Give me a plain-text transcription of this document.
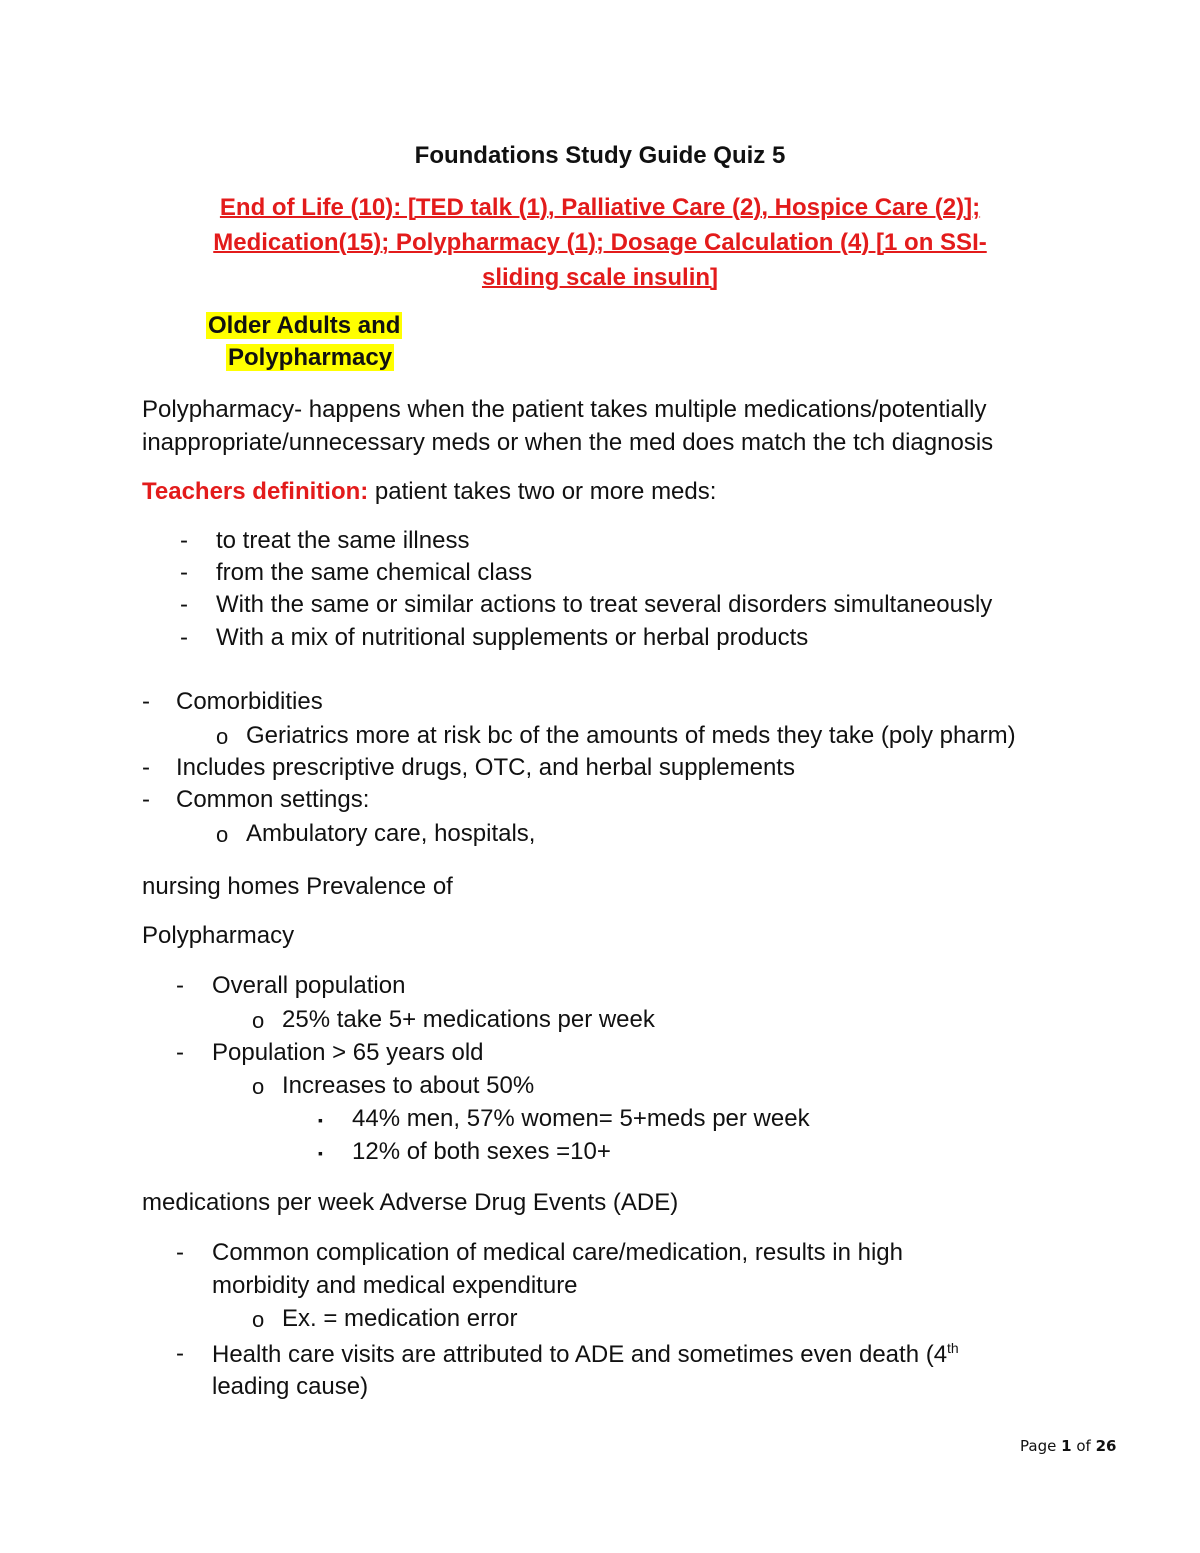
Foundations Study Guide Quiz 5
End of Life (10): [TED talk (1), Palliative Care (2), Hospice Care (2)];
Medication(15); Polypharmacy (1); Dosage Calculation (4) [1 on SSI-
sliding scale insulin]
Older Adults and
Polypharmacy
Polypharmacy- happens when the patient takes multiple medications/potentially
inappropriate/unnecessary meds or when the med does match the tch diagnosis
Teachers definition: patient takes two or more meds:
- to treat the same illness
- from the same chemical class
- With the same or similar actions to treat several disorders simultaneously
- With a mix of nutritional supplements or herbal products
- Comorbidities
o Geriatrics more at risk bc of the amounts of meds they take (poly pharm)
- Includes prescriptive drugs, OTC, and herbal supplements
- Common settings:
o Ambulatory care, hospitals,
nursing homes Prevalence of
Polypharmacy
- Overall population
o 25% take 5+ medications per week
- Population > 65 years old
o Increases to about 50%
▪ 44% men, 57% women= 5+meds per week
▪ 12% of both sexes =10+
medications per week Adverse Drug Events (ADE)
- Common complication of medical care/medication, results in high
morbidity and medical expenditure
o Ex. = medication error
- Health care visits are attributed to ADE and sometimes even death (4th
leading cause)
Page 1 of 26
